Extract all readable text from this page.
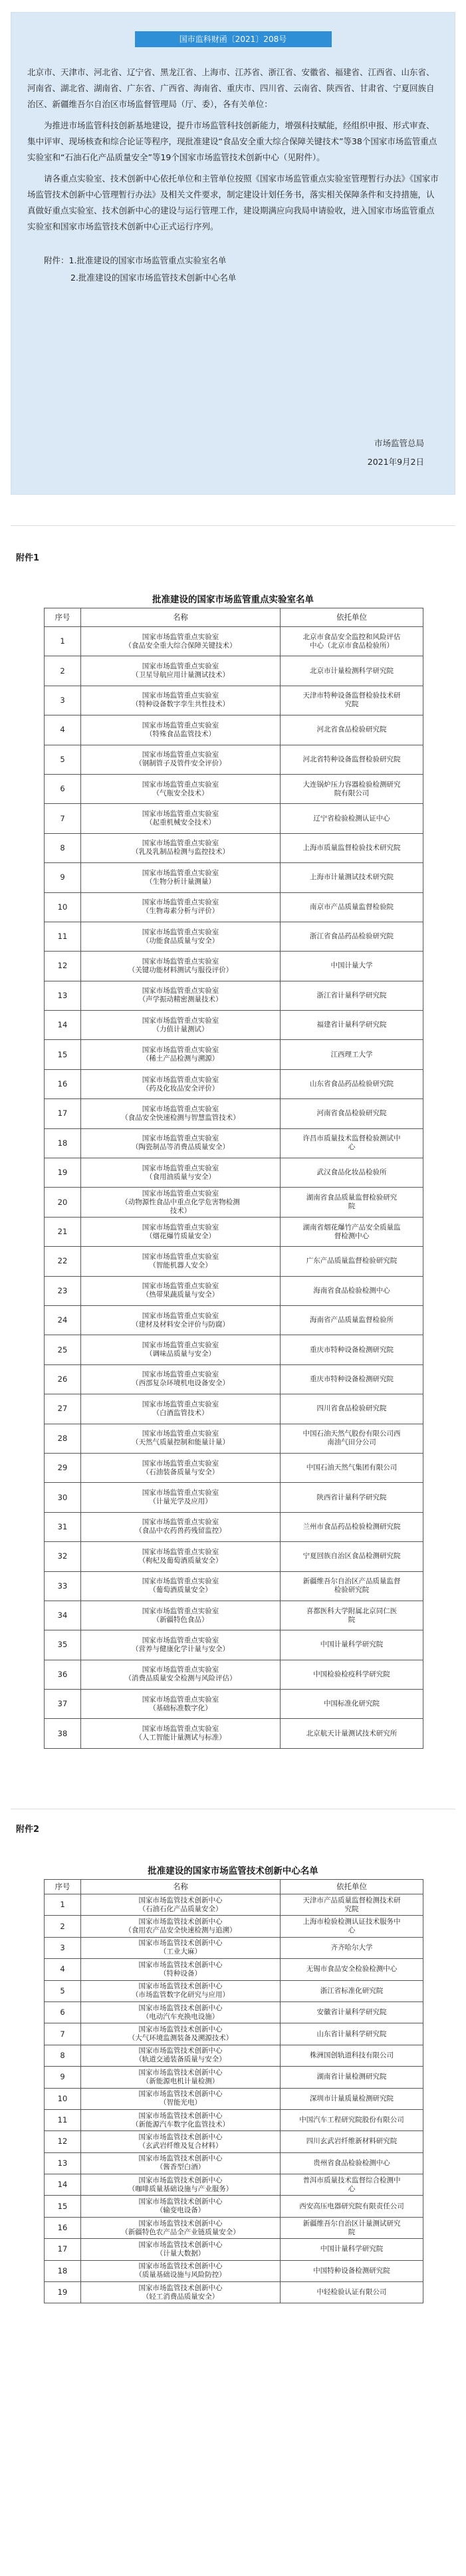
国市监科财函〔2021〕208号
北京市、天津市、河北省、辽宁省、黑龙江省、上海市、江苏省、浙江省、安徽省、福建省、江西省、山东省、河南省、湖北省、湖南省、广东省、广西省、海南省、重庆市、四川省、云南省、陕西省、甘肃省、宁夏回族自治区、新疆维吾尔自治区市场监督管理局（厅、委），各有关单位：

为推进市场监管科技创新基地建设，提升市场监管科技创新能力，增强科技赋能，经组织申报、形式审查、集中评审、现场核查和综合论证等程序，现批准建设“食品安全重大综合保障关键技术”等38个国家市场监管重点实验室和“石油石化产品质量安全”等19个国家市场监管技术创新中心（见附件）。

请各重点实验室、技术创新中心依托单位和主管单位按照《国家市场监管重点实验室管理暂行办法》《国家市场监管技术创新中心管理暂行办法》及相关文件要求，制定建设计划任务书，落实相关保障条件和支持措施，认真做好重点实验室、技术创新中心的建设与运行管理工作，建设期满应向我局申请验收，进入国家市场监管重点实验室和国家市场监管技术创新中心正式运行序列。

附件：1.批准建设的国家市场监管重点实验室名单
2.批准建设的国家市场监管技术创新中心名单
市场监管总局
2021年9月2日
附件1
批准建设的国家市场监管重点实验室名单
序号	名称	依托单位
1	国家市场监管重点实验室
（食品安全重大综合保障关键技术）	北京市食品安全监控和风险评估
中心（北京市食品检验所）

2	国家市场监管重点实验室
（卫星导航应用计量测试技术）	北京市计量检测科学研究院

3	国家市场监管重点实验室
（特种设备数字孪生共性技术）	天津市特种设备监督检验技术研
究院

4	国家市场监管重点实验室
（特殊食品监管技术）	河北省食品检验研究院

5	国家市场监管重点实验室
（钢制管子及管件安全评价）	河北省特种设备监督检验研究院

6	国家市场监管重点实验室
（气瓶安全技术）	大连锅炉压力容器检验检测研究
院有限公司

7	国家市场监管重点实验室
（起重机械安全技术）	辽宁省检验检测认证中心

8	国家市场监管重点实验室
（乳及乳制品检测与监控技术）	上海市质量监督检验技术研究院

9	国家市场监管重点实验室
（生物分析计量测量）	上海市计量测试技术研究院

10	国家市场监管重点实验室
（生物毒素分析与评价）	南京市产品质量监督检验院

11	国家市场监管重点实验室
（功能食品质量与安全）	浙江省食品药品检验研究院

12	国家市场监管重点实验室
（关键功能材料测试与服役评价）	中国计量大学

13	国家市场监管重点实验室
（声学振动精密测量技术）	浙江省计量科学研究院

14	国家市场监管重点实验室
（力值计量测试）	福建省计量科学研究院

15	国家市场监管重点实验室
（稀土产品检测与溯源）	江西理工大学

16	国家市场监管重点实验室
（药及化妆品安全评价）	山东省食品药品检验研究院

17	国家市场监管重点实验室
（食品安全快速检测与智慧监管技术）	河南省食品检验研究院

18	国家市场监管重点实验室
（陶瓷制品等消费品质量安全）	许昌市质量技术监督检验测试中
心

19	国家市场监管重点实验室
（食用油质量与安全）	武汉食品化妆品检验所

20	国家市场监管重点实验室
（动物源性食品中重点化学危害物检测
技术）	湖南省食品质量监督检验研究
院

21	国家市场监管重点实验室
（烟花爆竹质量安全）	湖南省烟花爆竹产品安全质量监
督检测中心

22	国家市场监管重点实验室
（智能机器人安全）	广东产品质量监督检验研究院

23	国家市场监管重点实验室
（热带果蔬质量与安全）	海南省食品检验检测中心

24	国家市场监管重点实验室
（建材及材料安全评价与防腐）	海南省产品质量监督检验所

25	国家市场监管重点实验室
（调味品质量与安全）	重庆市特种设备检测研究院

26	国家市场监管重点实验室
（西部复杂环境机电设备安全）	重庆市特种设备检测研究院

27	国家市场监管重点实验室
（白酒监管技术）	四川省食品检验研究院

28	国家市场监管重点实验室
（天然气质量控制和能量计量）	中国石油天然气股份有限公司西
南油气田分公司

29	国家市场监管重点实验室
（石油装备质量与安全）	中国石油天然气集团有限公司

30	国家市场监管重点实验室
（计量光学及应用）	陕西省计量科学研究院

31	国家市场监管重点实验室
（食品中农药兽药残留监控）	兰州市食品药品检验检测研究院

32	国家市场监管重点实验室
（枸杞及葡萄酒质量安全）	宁夏回族自治区食品检测研究院

33	国家市场监管重点实验室
（葡萄酒质量安全）	新疆维吾尔自治区产品质量监督
检验研究院

34	国家市场监管重点实验室
（新疆特色食品）	喜都医科大学附属北京同仁医
院

35	国家市场监管重点实验室
（营养与健康化学计量与安全）	中国计量科学研究院

36	国家市场监管重点实验室
（消费品质量安全检测与风险评估）	中国检验检疫科学研究院

37	国家市场监管重点实验室
（基础标准数字化）	中国标准化研究院

38	国家市场监管重点实验室
（人工智能计量测试与标准）	北京航天计量测试技术研究所
附件2
批准建设的国家市场监管技术创新中心名单
序号	名称	依托单位
1	国家市场监管技术创新中心
（石油石化产品质量安全）	天津市产品质量监督检测技术研
究院

2	国家市场监管技术创新中心
（食用农产品安全快速检测与追溯）	上海市检验检测认证技术服务中
心

3	国家市场监管技术创新中心
（工业大麻）	齐齐哈尔大学

4	国家市场监管技术创新中心
（特种设备）	无锡市食品安全检验检测中心

5	国家市场监管技术创新中心
（市场监管数字化研究与应用）	浙江省标准化研究院

6	国家市场监管技术创新中心
（电动汽车充换电设施）	安徽省计量科学研究院

7	国家市场监管技术创新中心
（大气环境监测装备及溯源技术）	山东省计量科学研究院

8	国家市场监管技术创新中心
（轨道交通装备质量与安全）	株洲国创轨道科技有限公司

9	国家市场监管技术创新中心
（新能源电机计量检测）	湖南省计量检测研究院

10	国家市场监管技术创新中心
（智能光电）	深圳市计量质量检测研究院

11	国家市场监管技术创新中心
（新能源汽车数字化监管技术）	中国汽车工程研究院股份有限公司

12	国家市场监管技术创新中心
（玄武岩纤维及复合材料）	四川玄武岩纤维新材料研究院

13	国家市场监管技术创新中心
（酱香型白酒）	贵州省食品检验检测中心

14	国家市场监管技术创新中心
（咖啡质量基础设施与产业服务）	普洱市质量技术监督综合检测中
心

15	国家市场监管技术创新中心
（输变电设备）	西安高压电器研究院有限责任公司

16	国家市场监管技术创新中心
（新疆特色农产品全产业链质量安全）	新疆维吾尔自治区计量测试研究
院

17	国家市场监管技术创新中心
（计量大数据）	中国计量科学研究院

18	国家市场监管技术创新中心
（质量基础设施与风险防控）	中国特种设备检测研究院

19	国家市场监管技术创新中心
（轻工消费品质量安全）	中轻检验认证有限公司
